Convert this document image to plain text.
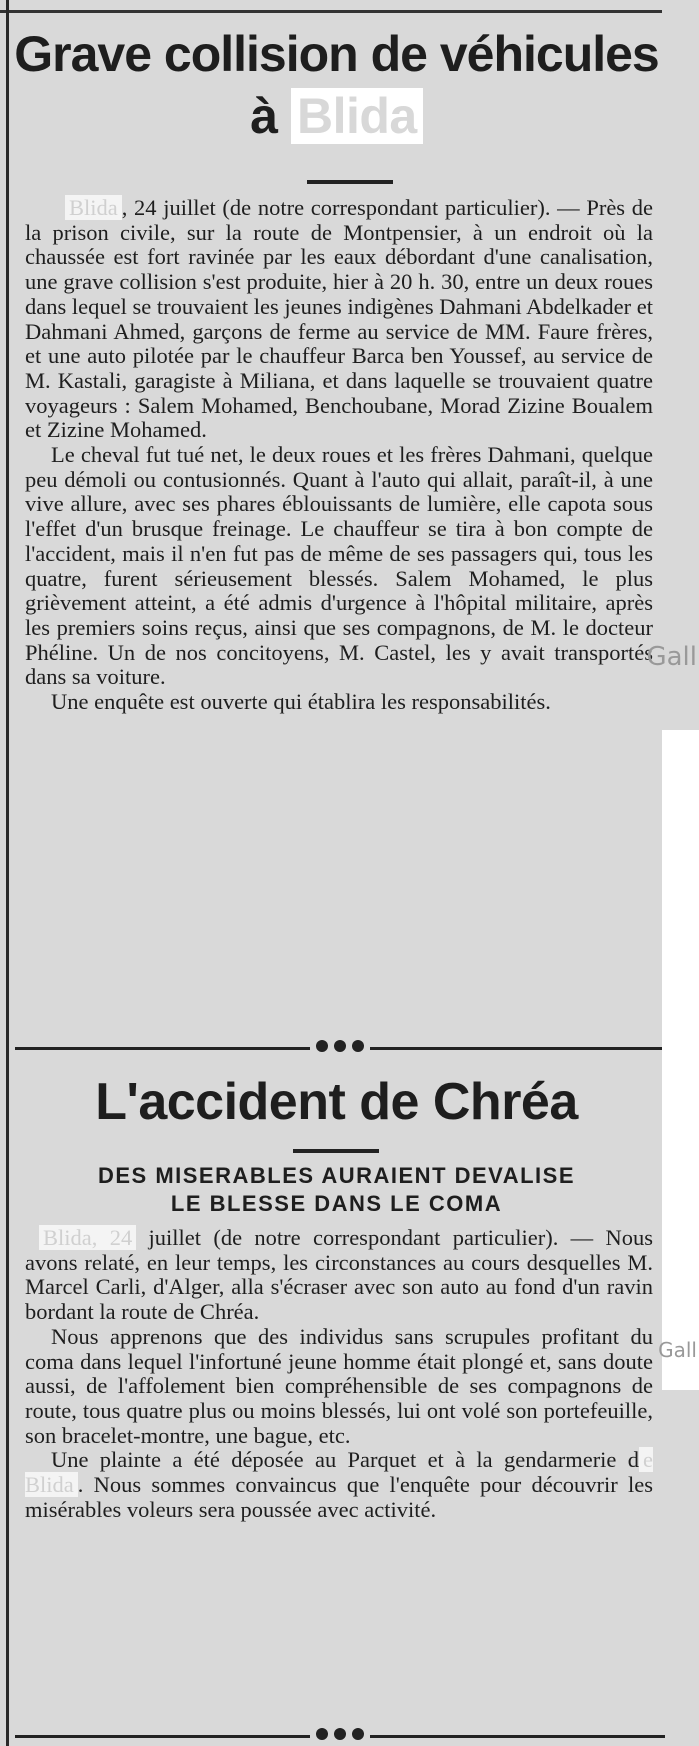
Grave collision de véhicules
à Blida

Blida , 24 juillet (de notre correspondant particulier). — Près de la prison civile, sur la route de Montpensier, à un endroit où la chaussée est fort ravinée par les eaux débordant d'une canalisation, une grave collision s'est produite, hier à 20 h. 30, entre un deux roues dans lequel se trouvaient les jeunes indigènes Dahmani Abdelkader et Dahmani Ahmed, garçons de ferme au service de MM. Faure frères, et une auto pilotée par le chauffeur Barca ben Youssef, au service de M. Kastali, garagiste à Miliana, et dans laquelle se trouvaient quatre voyageurs : Salem Mohamed, Benchoubane, Morad Zizine Boualem et Zizine Mohamed.

Le cheval fut tué net, le deux roues et les frères Dahmani, quelque peu démoli ou contusionnés. Quant à l'auto qui allait, paraît-il, à une vive allure, avec ses phares éblouissants de lumière, elle capota sous l'effet d'un brusque freinage. Le chauffeur se tira à bon compte de l'accident, mais il n'en fut pas de même de ses passagers qui, tous les quatre, furent sérieusement blessés. Salem Mohamed, le plus grièvement atteint, a été admis d'urgence à l'hôpital militaire, après les premiers soins reçus, ainsi que ses compagnons, de M. le docteur Phéline. Un de nos concitoyens, M. Castel, les y avait transportés dans sa voiture.

Une enquête est ouverte qui établira les responsabilités.

L'accident de Chréa
DES MISERABLES AURAIENT DEVALISE
LE BLESSE DANS LE COMA

Blida, 24 juillet (de notre correspondant particulier). — Nous avons relaté, en leur temps, les circonstances au cours desquelles M. Marcel Carli, d'Alger, alla s'écraser avec son auto au fond d'un ravin bordant la route de Chréa.

Nous apprenons que des individus sans scrupules profitant du coma dans lequel l'infortuné jeune homme était plongé et, sans doute aussi, de l'affolement bien compréhensible de ses compagnons de route, tous quatre plus ou moins blessés, lui ont volé son portefeuille, son bracelet-montre, une bague, etc.

Une plainte a été déposée au Parquet et à la gendarmerie d e Blida . Nous sommes convaincus que l'enquête pour découvrir les misérables voleurs sera poussée avec activité.

Gall
Gall
